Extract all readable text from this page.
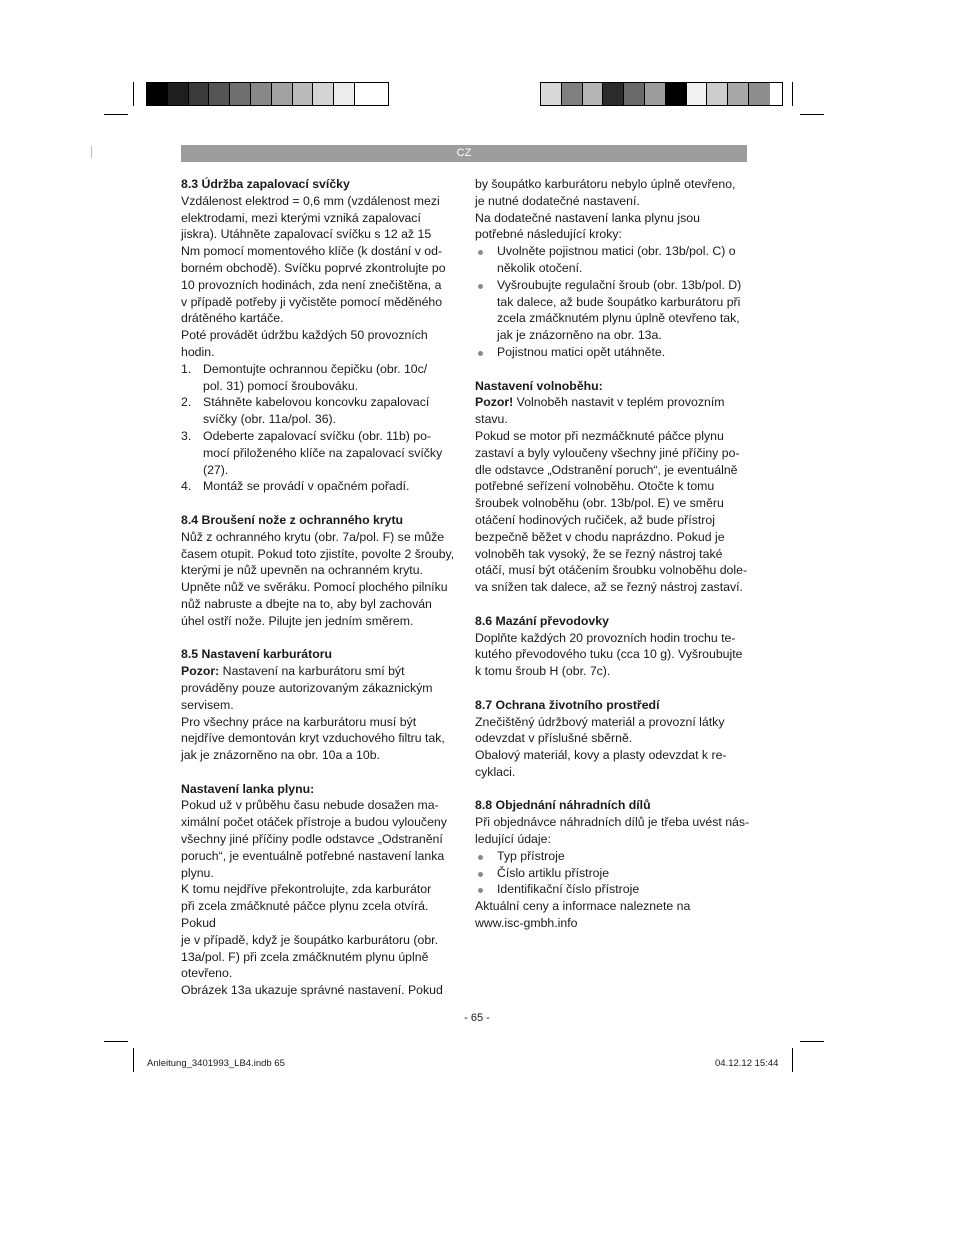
CZ
8.3 Údržba zapalovací svíčky

Vzdálenost elektrod = 0,6 mm (vzdálenost mezi
elektrodami, mezi kterými vzniká zapalovací
jiskra). Utáhněte zapalovací svíčku s 12 až 15
Nm pomocí momentového klíče (k dostání v od-
borném obchodě). Svíčku poprvé zkontrolujte po
10 provozních hodinách, zda není znečištěna, a
v případě potřeby ji vyčistěte pomocí měděného
drátěného kartáče.

Poté provádět údržbu každých 50 provozních
hodin.

1. Demontujte ochrannou čepičku (obr. 10c/
pol. 31) pomocí šroubováku.
2. Stáhněte kabelovou koncovku zapalovací
svíčky (obr. 11a/pol. 36).
3. Odeberte zapalovací svíčku (obr. 11b) po-
mocí přiloženého klíče na zapalovací svíčky
(27).
4. Montáž se provádí v opačném pořadí.
8.4 Broušení nože z ochranného krytu

Nůž z ochranného krytu (obr. 7a/pol. F) se může
časem otupit. Pokud toto zjistíte, povolte 2 šrouby,
kterými je nůž upevněn na ochranném krytu.
Upněte nůž ve svěráku. Pomocí plochého pilníku
nůž nabruste a dbejte na to, aby byl zachován
úhel ostří nože. Pilujte jen jedním směrem.

8.5 Nastavení karburátoru

Pozor: Nastavení na karburátoru smí být
prováděny pouze autorizovaným zákaznickým
servisem.

Pro všechny práce na karburátoru musí být
nejdříve demontován kryt vzduchového filtru tak,
jak je znázorněno na obr. 10a a 10b.

Nastavení lanka plynu:

Pokud už v průběhu času nebude dosažen ma-
ximální počet otáček přístroje a budou vyloučeny
všechny jiné příčiny podle odstavce „Odstranění
poruch“, je eventuálně potřebné nastavení lanka
plynu.

K tomu nejdříve překontrolujte, zda karburátor
při zcela zmáčknuté páčce plynu zcela otvírá. Pokud
je v případě, když je šoupátko karburátoru (obr.
13a/pol. F) při zcela zmáčknutém plynu úplně
otevřeno.

Obrázek 13a ukazuje správné nastavení. Pokud

by šoupátko karburátoru nebylo úplně otevřeno,
je nutné dodatečné nastavení.

Na dodatečné nastavení lanka plynu jsou
potřebné následující kroky:

Uvolněte pojistnou matici (obr. 13b/pol. C) o
několik otočení.
Vyšroubujte regulační šroub (obr. 13b/pol. D)
tak dalece, až bude šoupátko karburátoru při
zcela zmáčknutém plynu úplně otevřeno tak,
jak je znázorněno na obr. 13a.
Pojistnou matici opět utáhněte.
Nastavení volnoběhu:

Pozor! Volnoběh nastavit v teplém provozním
stavu.

Pokud se motor při nezmáčknuté páčce plynu
zastaví a byly vyloučeny všechny jiné příčiny po-
dle odstavce „Odstranění poruch“, je eventuálně
potřebné seřízení volnoběhu. Otočte k tomu
šroubek volnoběhu (obr. 13b/pol. E) ve směru
otáčení hodinových ručiček, až bude přístroj
bezpečně běžet v chodu naprázdno. Pokud je
volnoběh tak vysoký, že se řezný nástroj také
otáčí, musí být otáčením šroubku volnoběhu dole-
va snížen tak dalece, až se řezný nástroj zastaví.

8.6 Mazání převodovky

Doplňte každých 20 provozních hodin trochu te-
kutého převodového tuku (cca 10 g). Vyšroubujte
k tomu šroub H (obr. 7c).

8.7 Ochrana životního prostředí

Znečištěný údržbový materiál a provozní látky
odevzdat v příslušné sběrně.

Obalový materiál, kovy a plasty odevzdat k re-
cyklaci.

8.8 Objednání náhradních dílů

Při objednávce náhradních dílů je třeba uvést nás-
ledující údaje:

Typ přístroje
Číslo artiklu přístroje
Identifikační číslo přístroje

Aktuální ceny a informace naleznete na
www.isc-gmbh.info

- 65 -
Anleitung_3401993_LB4.indb 65	04.12.12 15:44
